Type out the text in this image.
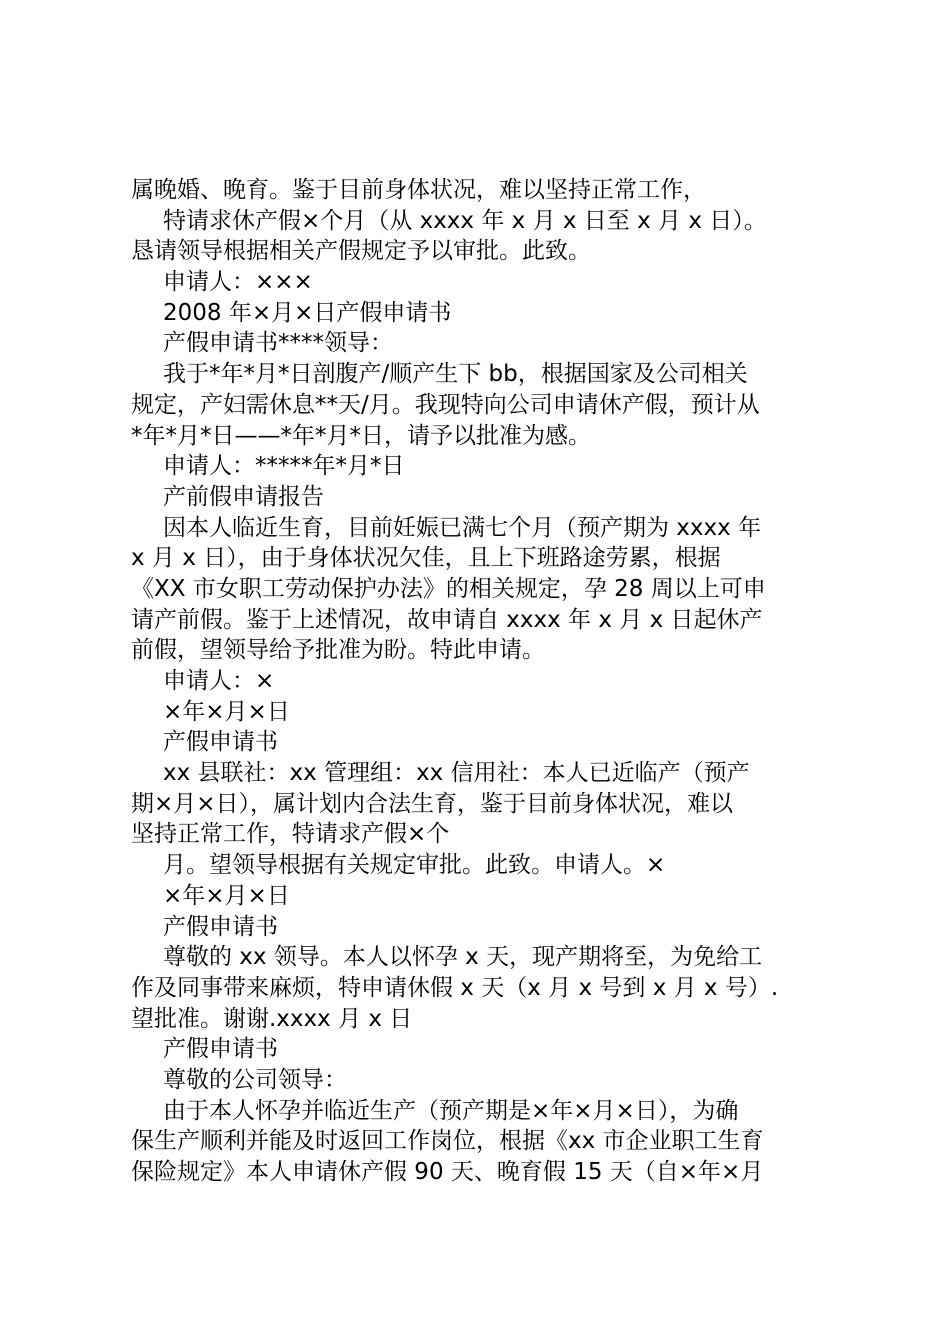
属晚婚、晚育。鉴于目前身体状况，难以坚持正常工作，
特请求休产假×个月（从 xxxx 年 x 月 x 日至 x 月 x 日）。
恳请领导根据相关产假规定予以审批。此致。
申请人：×××
2008 年×月×日产假申请书
产假申请书****领导：
我于*年*月*日剖腹产/顺产生下 bb，根据国家及公司相关
规定，产妇需休息**天/月。我现特向公司申请休产假，预计从
*年*月*日——*年*月*日，请予以批准为感。
申请人：*****年*月*日
产前假申请报告
因本人临近生育，目前妊娠已满七个月（预产期为 xxxx 年
x 月 x 日），由于身体状况欠佳，且上下班路途劳累，根据
《XX 市女职工劳动保护办法》的相关规定，孕 28 周以上可申
请产前假。鉴于上述情况，故申请自 xxxx 年 x 月 x 日起休产
前假，望领导给予批准为盼。特此申请。
申请人：×
×年×月×日
产假申请书
xx 县联社：xx 管理组：xx 信用社：本人已近临产（预产
期×月×日），属计划内合法生育，鉴于目前身体状况，难以
坚持正常工作，特请求产假×个
月。望领导根据有关规定审批。此致。申请人。×
×年×月×日
产假申请书
尊敬的 xx 领导。本人以怀孕 x 天，现产期将至，为免给工
作及同事带来麻烦，特申请休假 x 天（x 月 x 号到 x 月 x 号）.
望批准。谢谢.xxxx 月 x 日
产假申请书
尊敬的公司领导：
由于本人怀孕并临近生产（预产期是×年×月×日），为确
保生产顺利并能及时返回工作岗位，根据《xx 市企业职工生育
保险规定》本人申请休产假 90 天、晚育假 15 天（自×年×月
